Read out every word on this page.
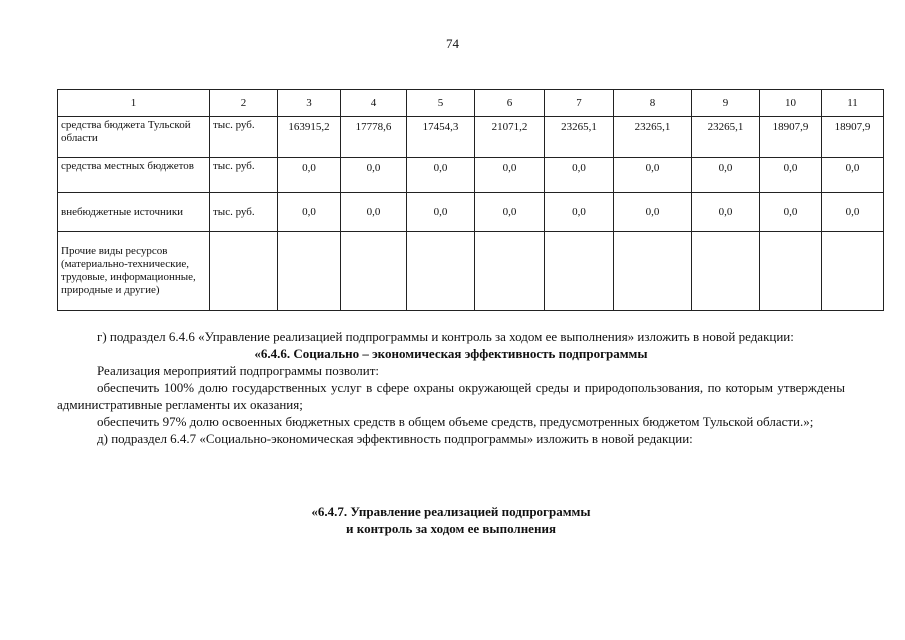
74
1	2	3	4	5	6	7	8	9	10	11
средства бюджета Тульской области	тыс. руб.	163915,2	17778,6	17454,3	21071,2	23265,1	23265,1	23265,1	18907,9	18907,9
средства местных бюджетов	тыс. руб.	0,0	0,0	0,0	0,0	0,0	0,0	0,0	0,0	0,0
внебюджетные источники	тыс. руб.	0,0	0,0	0,0	0,0	0,0	0,0	0,0	0,0	0,0
Прочие виды ресурсов (материально-технические, трудовые, информационные, природные и другие)										

г) подраздел 6.4.6 «Управление реализацией подпрограммы и контроль за ходом ее выполнения» изложить в новой редакции:

«6.4.6. Социально – экономическая эффективность подпрограммы

Реализация мероприятий подпрограммы позволит:

обеспечить 100% долю государственных услуг в сфере охраны окружающей среды и природопользования, по которым утверждены административные регламенты их оказания;

обеспечить 97% долю освоенных бюджетных средств в общем объеме средств, предусмотренных бюджетом Тульской области.»;

д) подраздел 6.4.7 «Социально-экономическая эффективность подпрограммы» изложить в новой редакции:

«6.4.7. Управление реализацией подпрограммы
и контроль за ходом ее выполнения
